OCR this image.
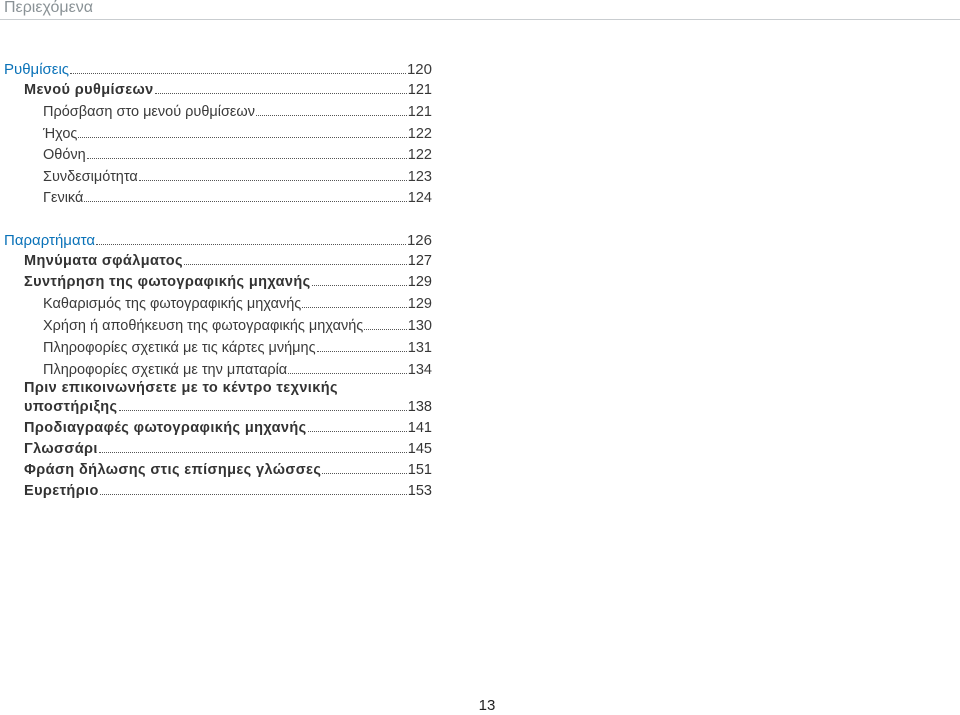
Περιεχόμενα
Ρυθμίσεις	120
Μενού ρυθμίσεων	121
Πρόσβαση στο μενού ρυθμίσεων	121
Ήχος	122
Οθόνη	122
Συνδεσιμότητα	123
Γενικά	124
Παραρτήματα	126
Μηνύματα σφάλματος	127
Συντήρηση της φωτογραφικής μηχανής	129
Καθαρισμός της φωτογραφικής μηχανής	129
Χρήση ή αποθήκευση της φωτογραφικής μηχανής	130
Πληροφορίες σχετικά με τις κάρτες μνήμης	131
Πληροφορίες σχετικά με την μπαταρία	134
Πριν επικοινωνήσετε με το κέντρο τεχνικής
υποστήριξης	138
Προδιαγραφές φωτογραφικής μηχανής	141
Γλωσσάρι	145
Φράση δήλωσης στις επίσημες γλώσσες	151
Ευρετήριο	153
13
